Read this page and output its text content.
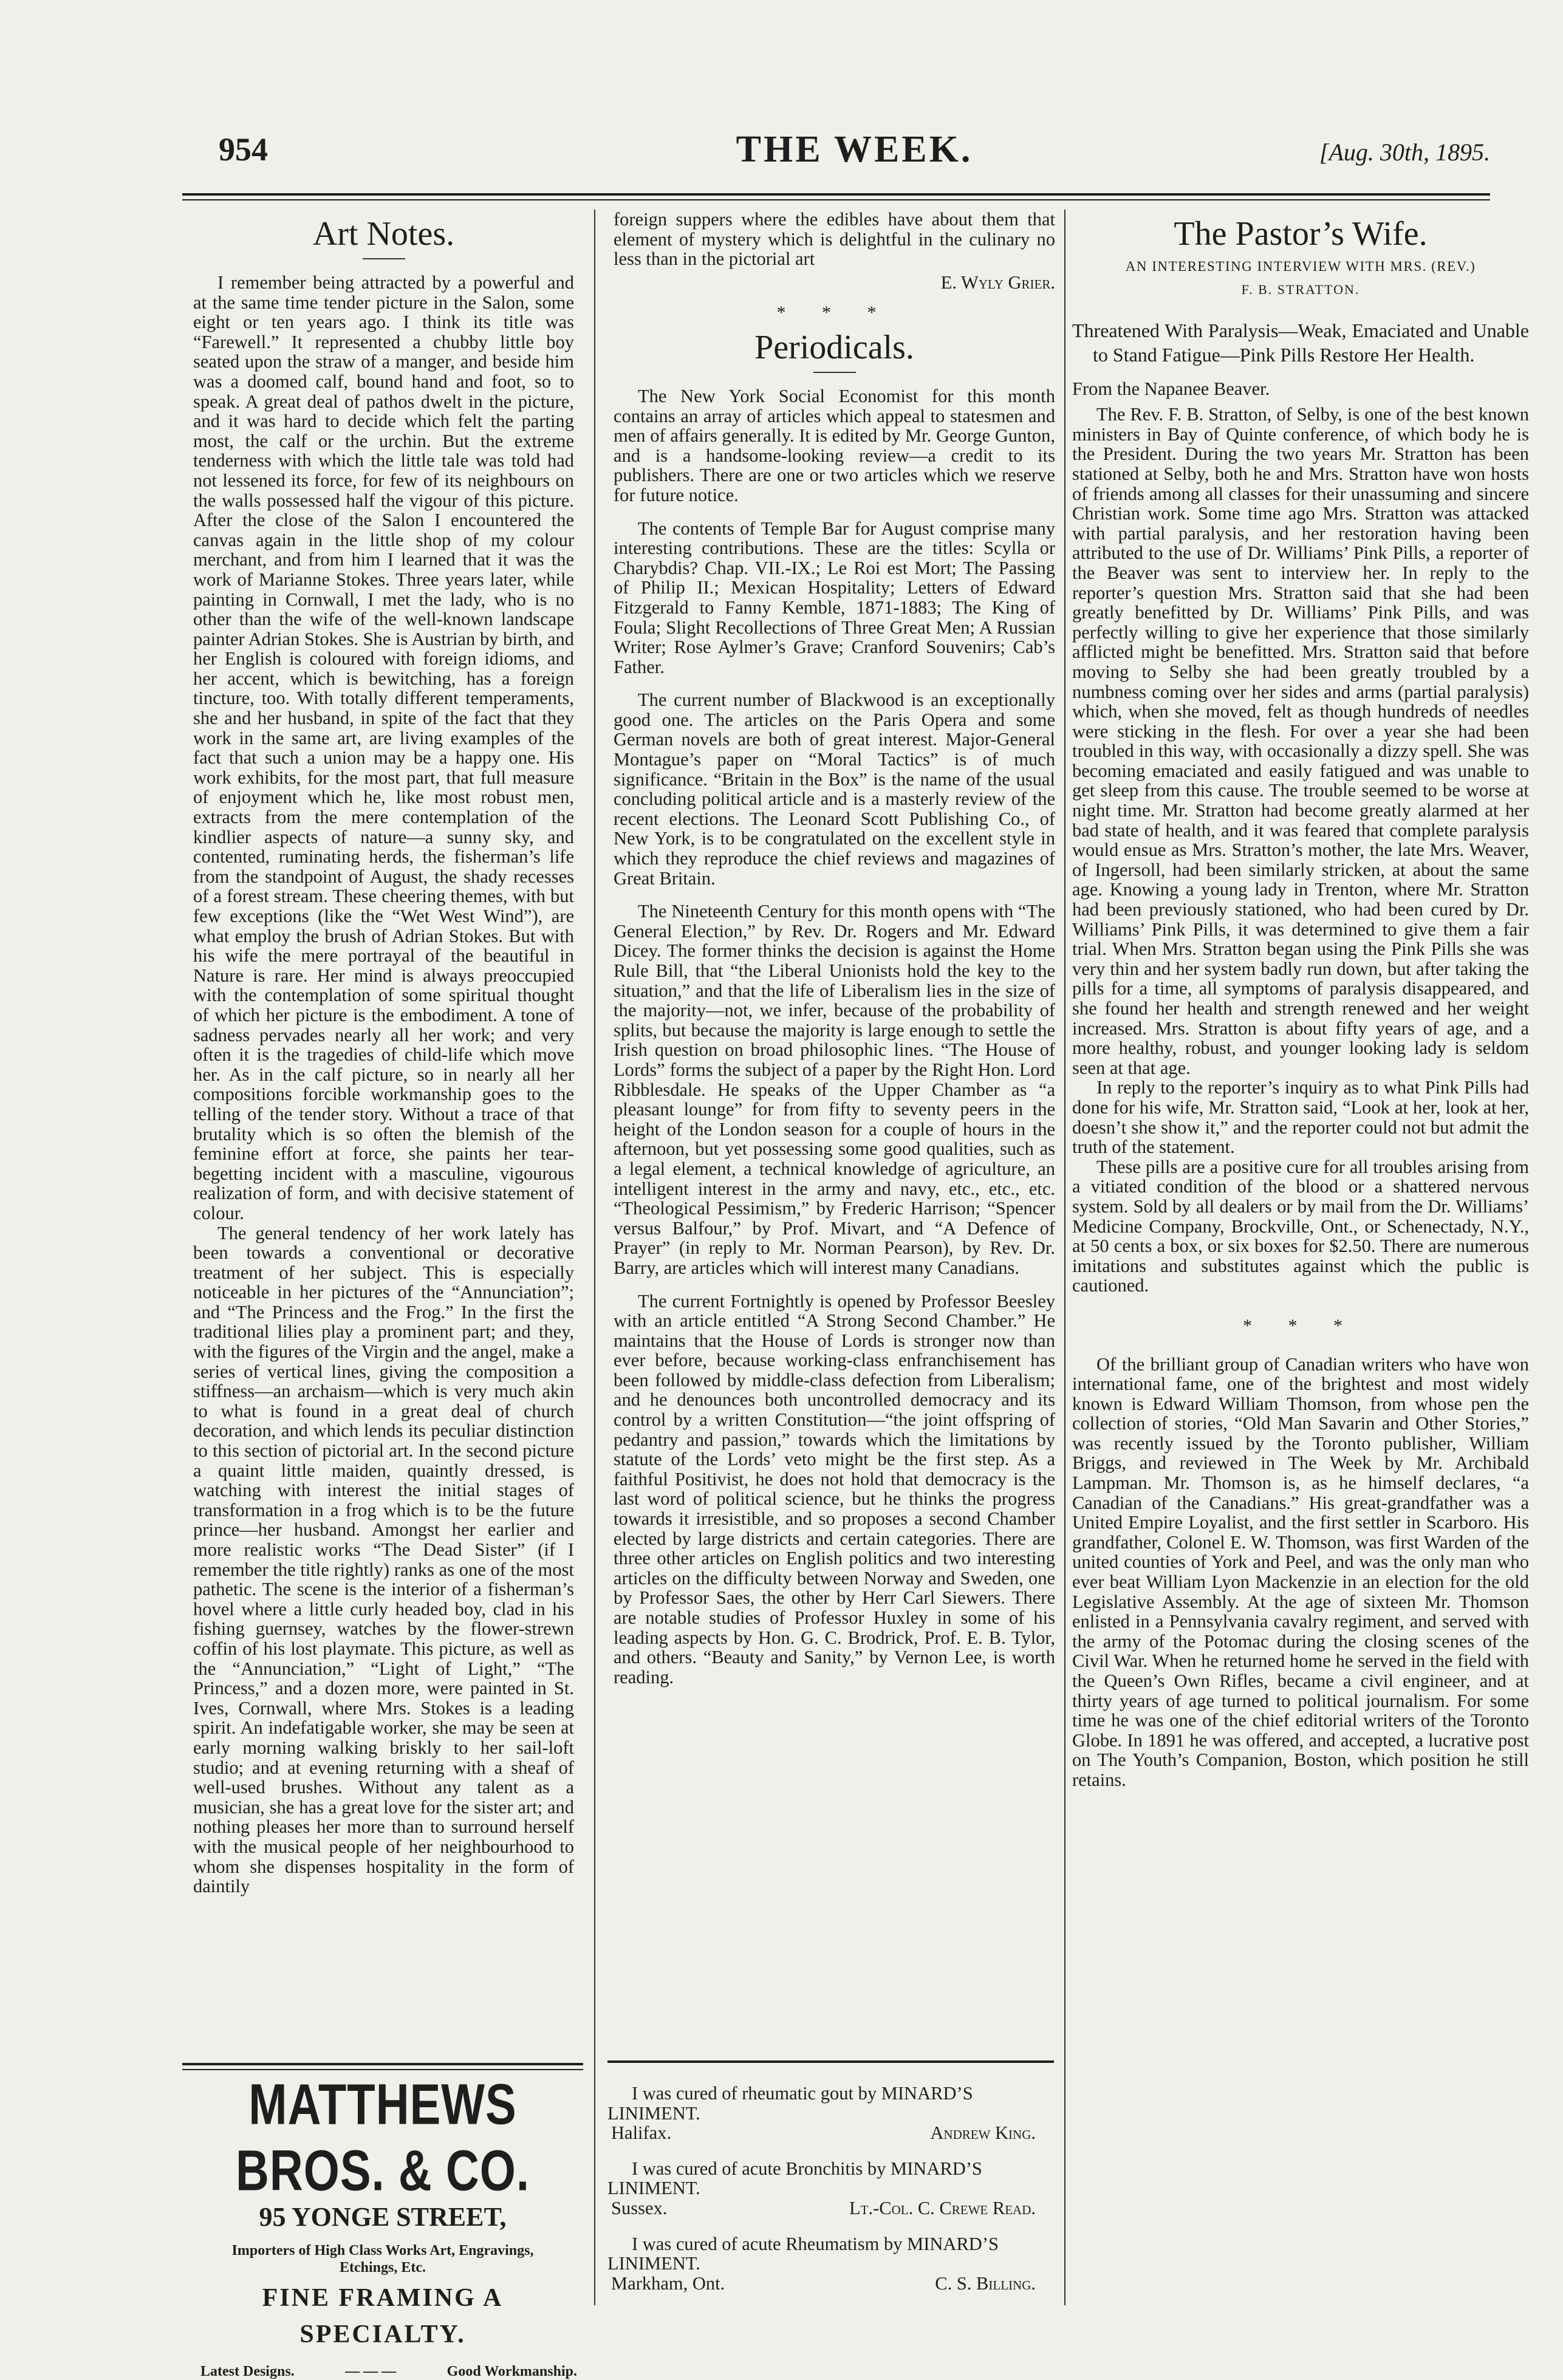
954	THE WEEK.	[Aug. 30th, 1895.
Art Notes.

I remember being attracted by a powerful and at the same time tender picture in the Salon, some eight or ten years ago. I think its title was “Farewell.” It represented a chubby little boy seated upon the straw of a manger, and beside him was a doomed calf, bound hand and foot, so to speak. A great deal of pathos dwelt in the picture, and it was hard to decide which felt the parting most, the calf or the urchin. But the extreme tenderness with which the little tale was told had not lessened its force, for few of its neighbours on the walls possessed half the vigour of this picture. After the close of the Salon I encountered the canvas again in the little shop of my colour merchant, and from him I learned that it was the work of Marianne Stokes. Three years later, while painting in Cornwall, I met the lady, who is no other than the wife of the well-known landscape painter Adrian Stokes. She is Austrian by birth, and her English is coloured with foreign idioms, and her accent, which is bewitching, has a foreign tincture, too. With totally different temperaments, she and her husband, in spite of the fact that they work in the same art, are living examples of the fact that such a union may be a happy one. His work exhibits, for the most part, that full measure of enjoyment which he, like most robust men, extracts from the mere contemplation of the kindlier aspects of nature—a sunny sky, and contented, ruminating herds, the fisherman’s life from the standpoint of August, the shady recesses of a forest stream. These cheering themes, with but few exceptions (like the “Wet West Wind”), are what employ the brush of Adrian Stokes. But with his wife the mere portrayal of the beautiful in Nature is rare. Her mind is always preoccupied with the contemplation of some spiritual thought of which her picture is the embodiment. A tone of sadness pervades nearly all her work; and very often it is the tragedies of child-life which move her. As in the calf picture, so in nearly all her compositions forcible workmanship goes to the telling of the tender story. Without a trace of that brutality which is so often the blemish of the feminine effort at force, she paints her tear-begetting incident with a masculine, vigourous realization of form, and with decisive statement of colour.

The general tendency of her work lately has been towards a conventional or decorative treatment of her subject. This is especially noticeable in her pictures of the “Annunciation”; and “The Princess and the Frog.” In the first the traditional lilies play a prominent part; and they, with the figures of the Virgin and the angel, make a series of vertical lines, giving the composition a stiffness—an archaism—which is very much akin to what is found in a great deal of church decoration, and which lends its peculiar distinction to this section of pictorial art. In the second picture a quaint little maiden, quaintly dressed, is watching with interest the initial stages of transformation in a frog which is to be the future prince—her husband. Amongst her earlier and more realistic works “The Dead Sister” (if I remember the title rightly) ranks as one of the most pathetic. The scene is the interior of a fisherman’s hovel where a little curly headed boy, clad in his fishing guernsey, watches by the flower-strewn coffin of his lost playmate. This picture, as well as the “Annunciation,” “Light of Light,” “The Princess,” and a dozen more, were painted in St. Ives, Cornwall, where Mrs. Stokes is a leading spirit. An indefatigable worker, she may be seen at early morning walking briskly to her sail-loft studio; and at evening returning with a sheaf of well-used brushes. Without any talent as a musician, she has a great love for the sister art; and nothing pleases her more than to surround herself with the musical people of her neighbourhood to whom she dispenses hospitality in the form of daintily

foreign suppers where the edibles have about them that element of mystery which is delightful in the culinary no less than in the pictorial art

E. Wyly Grier.
* * *
Periodicals.

The New York Social Economist for this month contains an array of articles which appeal to statesmen and men of affairs generally. It is edited by Mr. George Gunton, and is a handsome-looking review—a credit to its publishers. There are one or two articles which we reserve for future notice.

The contents of Temple Bar for August comprise many interesting contributions. These are the titles: Scylla or Charybdis? Chap. VII.-IX.; Le Roi est Mort; The Passing of Philip II.; Mexican Hospitality; Letters of Edward Fitzgerald to Fanny Kemble, 1871-1883; The King of Foula; Slight Recollections of Three Great Men; A Russian Writer; Rose Aylmer’s Grave; Cranford Souvenirs; Cab’s Father.

The current number of Blackwood is an exceptionally good one. The articles on the Paris Opera and some German novels are both of great interest. Major-General Montague’s paper on “Moral Tactics” is of much significance. “Britain in the Box” is the name of the usual concluding political article and is a masterly review of the recent elections. The Leonard Scott Publishing Co., of New York, is to be congratulated on the excellent style in which they reproduce the chief reviews and magazines of Great Britain.

The Nineteenth Century for this month opens with “The General Election,” by Rev. Dr. Rogers and Mr. Edward Dicey. The former thinks the decision is against the Home Rule Bill, that “the Liberal Unionists hold the key to the situation,” and that the life of Liberalism lies in the size of the majority—not, we infer, because of the probability of splits, but because the majority is large enough to settle the Irish question on broad philosophic lines. “The House of Lords” forms the subject of a paper by the Right Hon. Lord Ribblesdale. He speaks of the Upper Chamber as “a pleasant lounge” for from fifty to seventy peers in the height of the London season for a couple of hours in the afternoon, but yet possessing some good qualities, such as a legal element, a technical knowledge of agriculture, an intelligent interest in the army and navy, etc., etc., etc. “Theological Pessimism,” by Frederic Harrison; “Spencer versus Balfour,” by Prof. Mivart, and “A Defence of Prayer” (in reply to Mr. Norman Pearson), by Rev. Dr. Barry, are articles which will interest many Canadians.

The current Fortnightly is opened by Professor Beesley with an article entitled “A Strong Second Chamber.” He maintains that the House of Lords is stronger now than ever before, because working-class enfranchisement has been followed by middle-class defection from Liberalism; and he denounces both uncontrolled democracy and its control by a written Constitution—“the joint offspring of pedantry and passion,” towards which the limitations by statute of the Lords’ veto might be the first step. As a faithful Positivist, he does not hold that democracy is the last word of political science, but he thinks the progress towards it irresistible, and so proposes a second Chamber elected by large districts and certain categories. There are three other articles on English politics and two interesting articles on the difficulty between Norway and Sweden, one by Professor Saes, the other by Herr Carl Siewers. There are notable studies of Professor Huxley in some of his leading aspects by Hon. G. C. Brodrick, Prof. E. B. Tylor, and others. “Beauty and Sanity,” by Vernon Lee, is worth reading.

The Pastor’s Wife.
AN INTERESTING INTERVIEW WITH MRS. (REV.)
F. B. STRATTON.
Threatened With Paralysis—Weak, Emaciated and Unable to Stand Fatigue—Pink Pills Restore Her Health.

From the Napanee Beaver.

The Rev. F. B. Stratton, of Selby, is one of the best known ministers in Bay of Quinte conference, of which body he is the President. During the two years Mr. Stratton has been stationed at Selby, both he and Mrs. Stratton have won hosts of friends among all classes for their unassuming and sincere Christian work. Some time ago Mrs. Stratton was attacked with partial paralysis, and her restoration having been attributed to the use of Dr. Williams’ Pink Pills, a reporter of the Beaver was sent to interview her. In reply to the reporter’s question Mrs. Stratton said that she had been greatly benefitted by Dr. Williams’ Pink Pills, and was perfectly willing to give her experience that those similarly afflicted might be benefitted. Mrs. Stratton said that before moving to Selby she had been greatly troubled by a numbness coming over her sides and arms (partial paralysis) which, when she moved, felt as though hundreds of needles were sticking in the flesh. For over a year she had been troubled in this way, with occasionally a dizzy spell. She was becoming emaciated and easily fatigued and was unable to get sleep from this cause. The trouble seemed to be worse at night time. Mr. Stratton had become greatly alarmed at her bad state of health, and it was feared that complete paralysis would ensue as Mrs. Stratton’s mother, the late Mrs. Weaver, of Ingersoll, had been similarly stricken, at about the same age. Knowing a young lady in Trenton, where Mr. Stratton had been previously stationed, who had been cured by Dr. Williams’ Pink Pills, it was determined to give them a fair trial. When Mrs. Stratton began using the Pink Pills she was very thin and her system badly run down, but after taking the pills for a time, all symptoms of paralysis disappeared, and she found her health and strength renewed and her weight increased. Mrs. Stratton is about fifty years of age, and a more healthy, robust, and younger looking lady is seldom seen at that age.

In reply to the reporter’s inquiry as to what Pink Pills had done for his wife, Mr. Stratton said, “Look at her, look at her, doesn’t she show it,” and the reporter could not but admit the truth of the statement.

These pills are a positive cure for all troubles arising from a vitiated condition of the blood or a shattered nervous system. Sold by all dealers or by mail from the Dr. Williams’ Medicine Company, Brockville, Ont., or Schenectady, N.Y., at 50 cents a box, or six boxes for $2.50. There are numerous imitations and substitutes against which the public is cautioned.

* * *

Of the brilliant group of Canadian writers who have won international fame, one of the brightest and most widely known is Edward William Thomson, from whose pen the collection of stories, “Old Man Savarin and Other Stories,” was recently issued by the Toronto publisher, William Briggs, and reviewed in The Week by Mr. Archibald Lampman. Mr. Thomson is, as he himself declares, “a Canadian of the Canadians.” His great-grandfather was a United Empire Loyalist, and the first settler in Scarboro. His grandfather, Colonel E. W. Thomson, was first Warden of the united counties of York and Peel, and was the only man who ever beat William Lyon Mackenzie in an election for the old Legislative Assembly. At the age of sixteen Mr. Thomson enlisted in a Pennsylvania cavalry regiment, and served with the army of the Potomac during the closing scenes of the Civil War. When he returned home he served in the field with the Queen’s Own Rifles, became a civil engineer, and at thirty years of age turned to political journalism. For some time he was one of the chief editorial writers of the Toronto Globe. In 1891 he was offered, and accepted, a lucrative post on The Youth’s Companion, Boston, which position he still retains.

MATTHEWS BROS. & CO.
95 YONGE STREET,
Importers of High Class Works Art, Engravings, Etchings, Etc.
FINE FRAMING A
SPECIALTY.
Latest Designs.	— — —	Good Workmanship.

I was cured of rheumatic gout by MINARD’S LINIMENT.

Halifax.	Andrew King.

I was cured of acute Bronchitis by MINARD’S LINIMENT.

Sussex.	Lt.-Col. C. Crewe Read.

I was cured of acute Rheumatism by MINARD’S LINIMENT.

Markham, Ont.	C. S. Billing.
